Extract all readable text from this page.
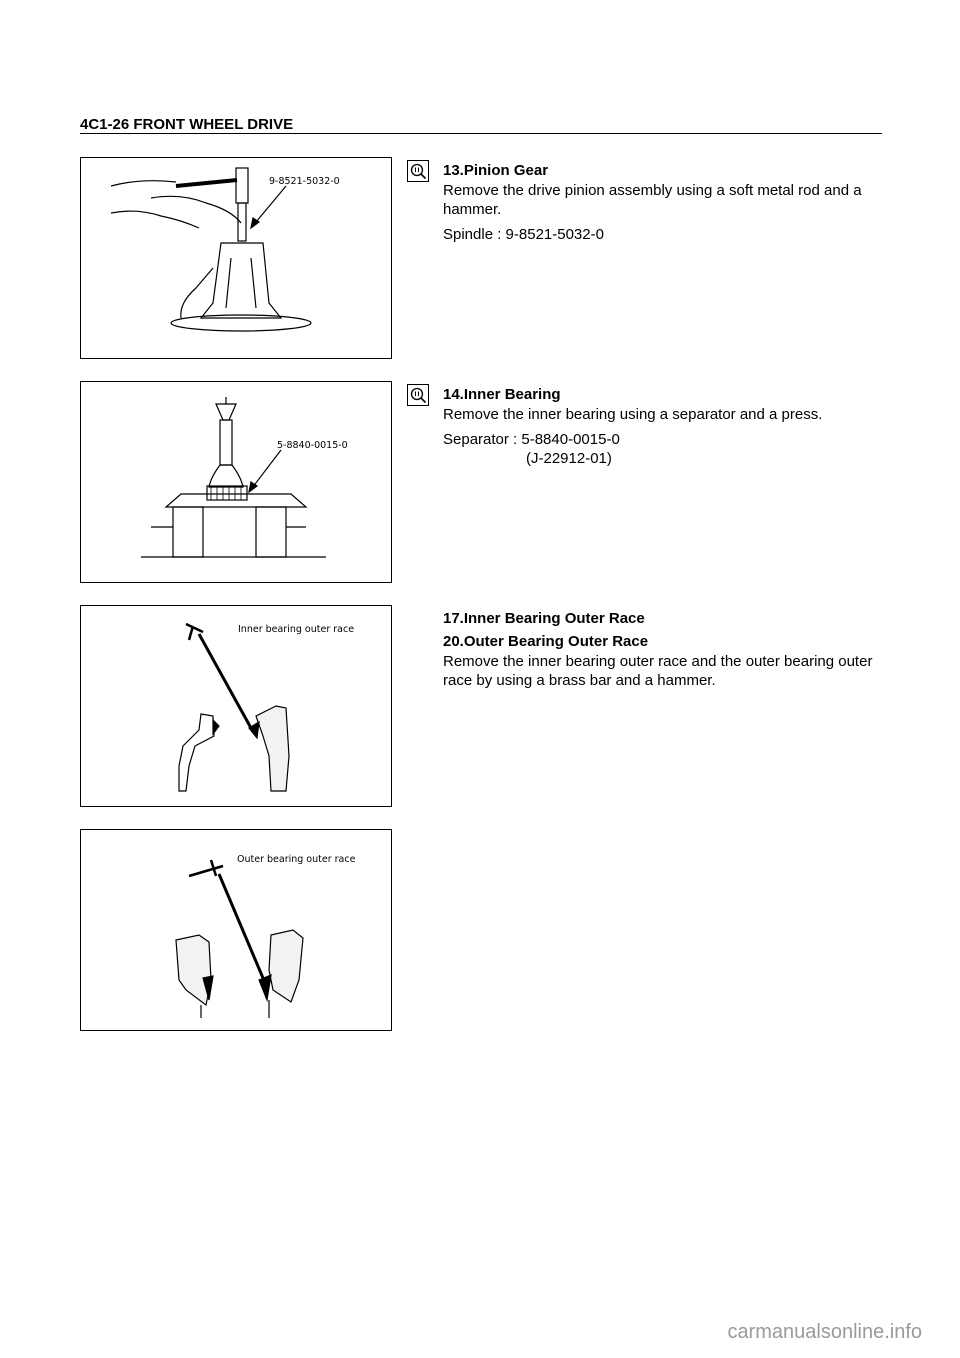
4C1-26 FRONT WHEEL DRIVE
9-8521-5032-0
5-8840-0015-0
Inner bearing outer race
Outer bearing outer race
13.Pinion Gear
Remove the drive pinion assembly using a soft metal rod and a hammer.
Spindle : 9-8521-5032-0
14.Inner Bearing
Remove the inner bearing using a separator and a press.
Separator : 5-8840-0015-0
(J-22912-01)
17.Inner Bearing Outer Race
20.Outer Bearing Outer Race
Remove the inner bearing outer race and the outer bearing outer race by using a brass bar and a hammer.
carmanualsonline.info
